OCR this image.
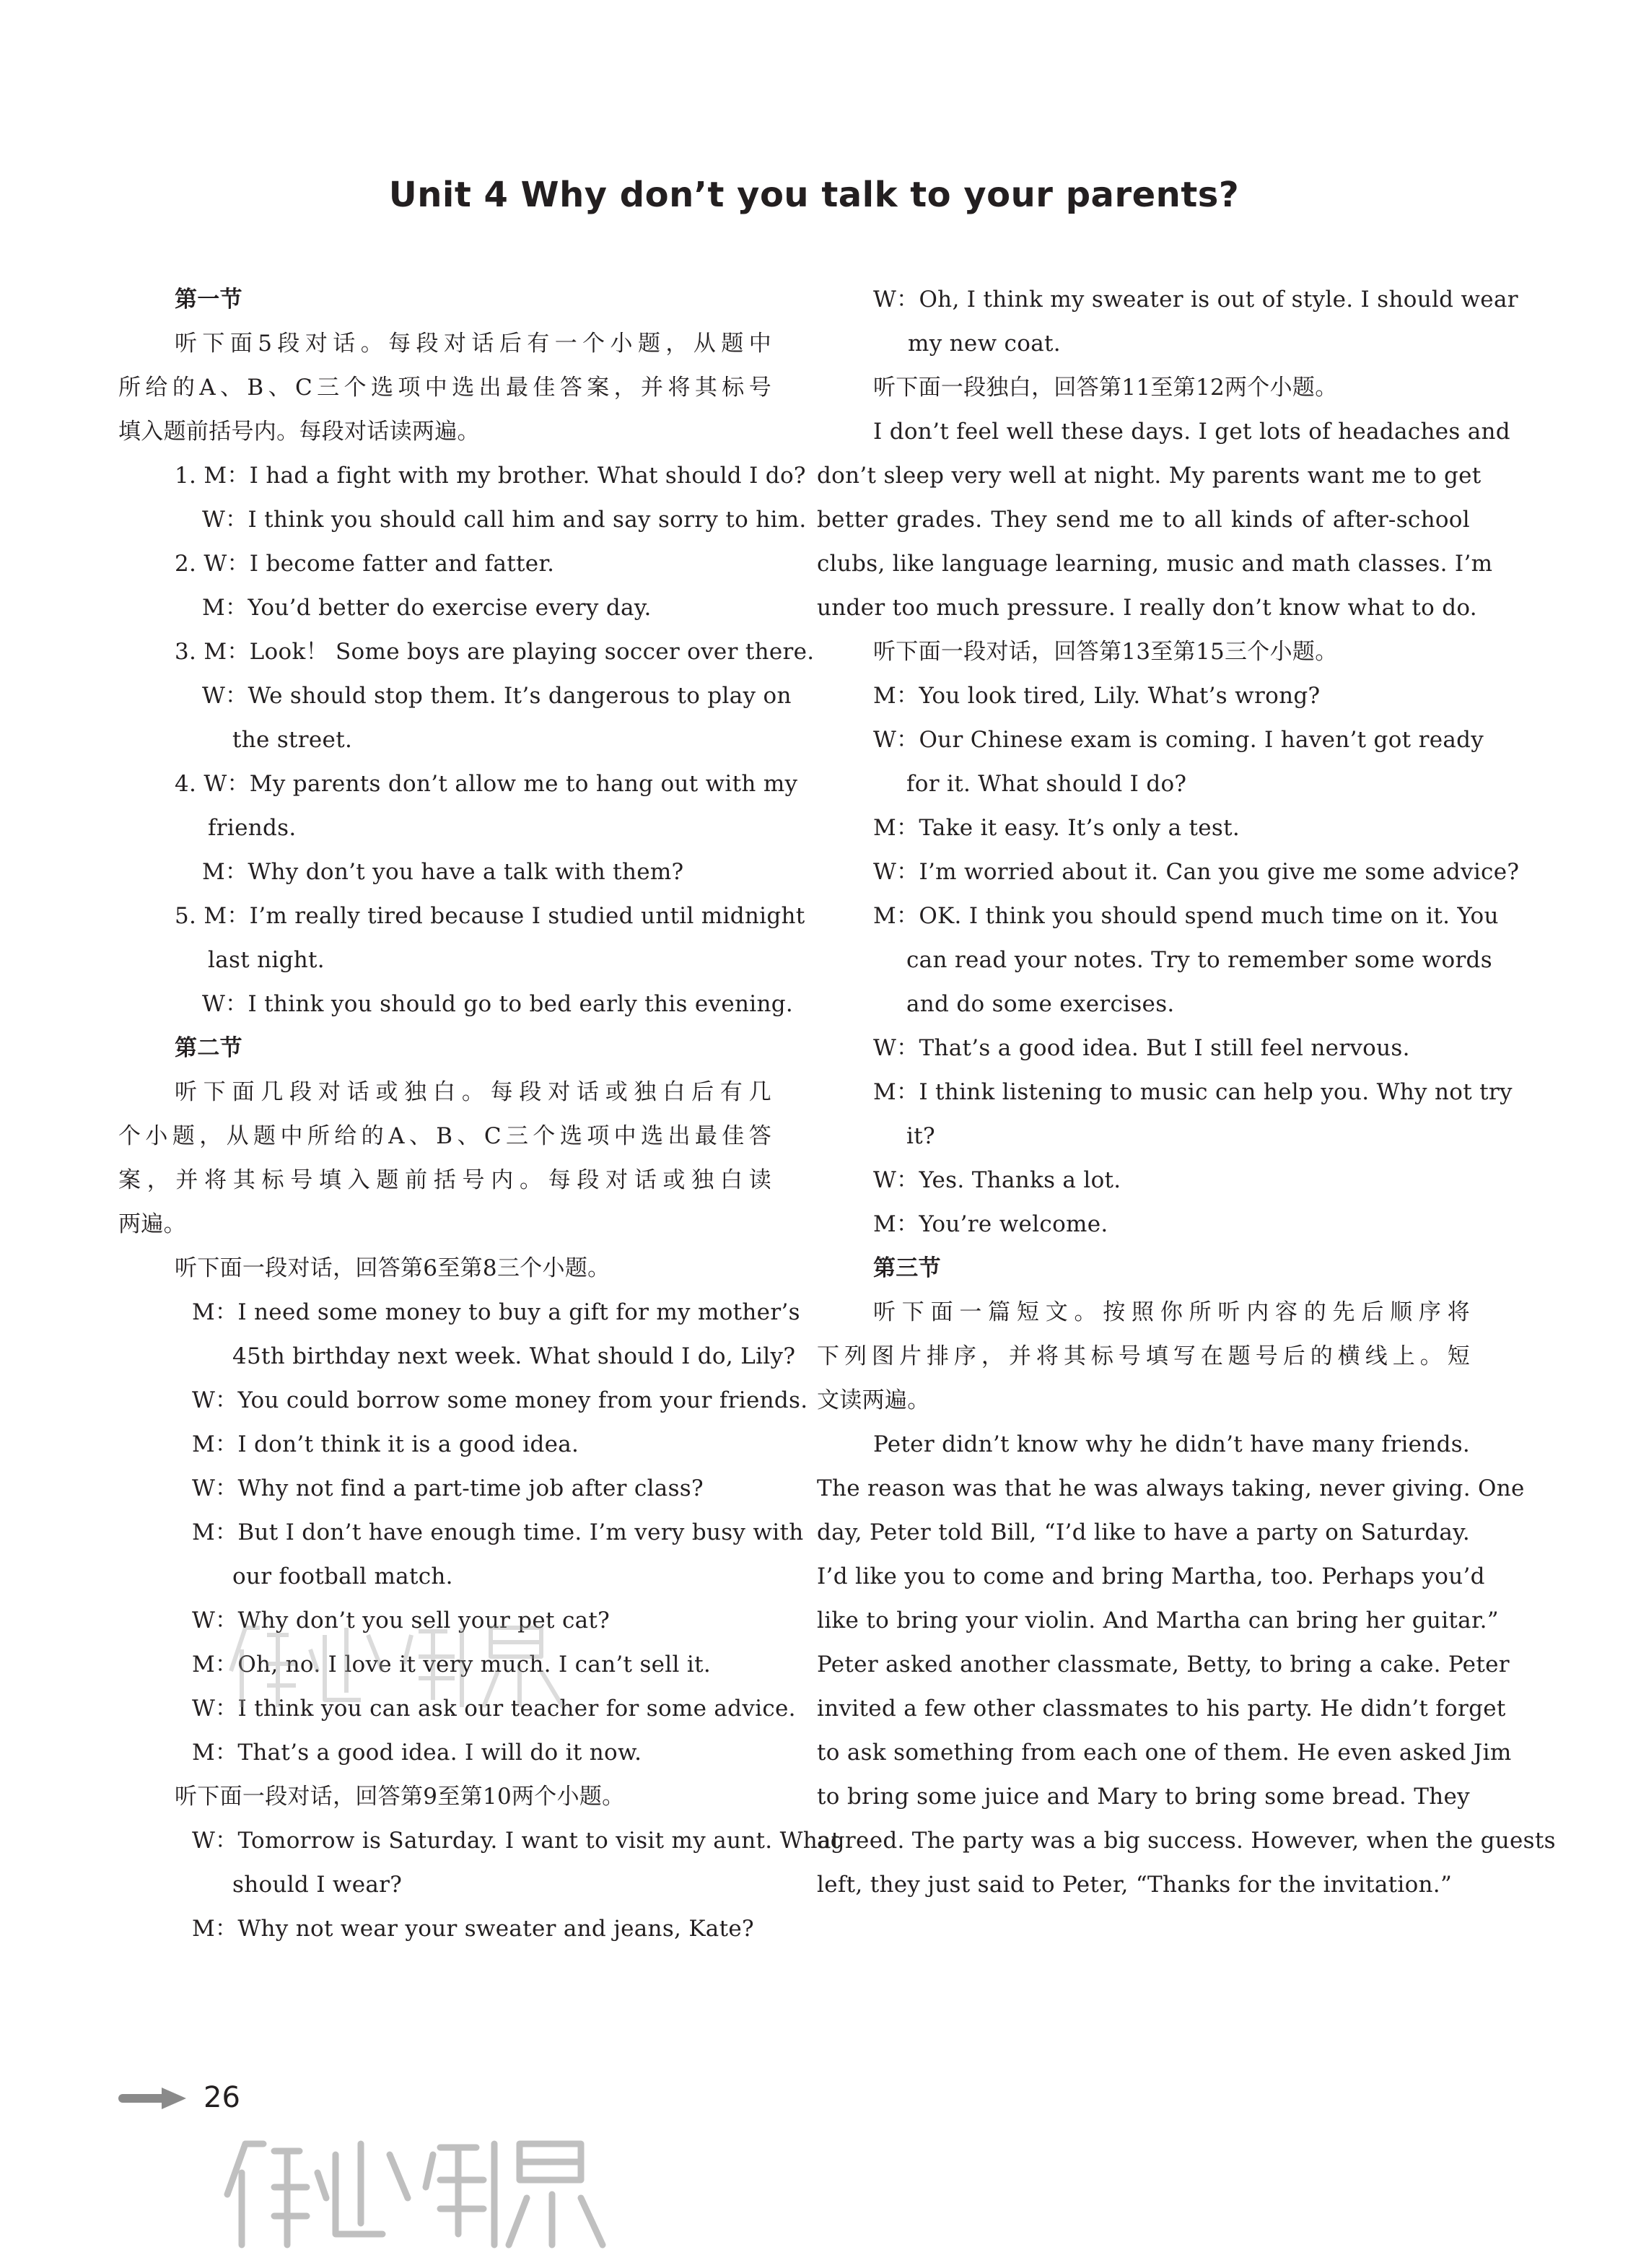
Unit 4 Why don’t you talk to your parents?
第一节
听下面5段对话。每段对话后有一个小题，从题中
所给的A、B、C三个选项中选出最佳答案，并将其标号
填入题前括号内。每段对话读两遍。
1. M：I had a fight with my brother. What should I do?
W：I think you should call him and say sorry to him.
2. W：I become fatter and fatter.
M：You’d better do exercise every day.
3. M：Look！ Some boys are playing soccer over there.
W：We should stop them. It’s dangerous to play on
the street.
4. W：My parents don’t allow me to hang out with my
friends.
M：Why don’t you have a talk with them?
5. M：I’m really tired because I studied until midnight
last night.
W：I think you should go to bed early this evening.
第二节
听下面几段对话或独白。每段对话或独白后有几
个小题，从题中所给的A、B、C三个选项中选出最佳答
案，并将其标号填入题前括号内。每段对话或独白读
两遍。
听下面一段对话，回答第6至第8三个小题。
M：I need some money to buy a gift for my mother’s
45th birthday next week. What should I do, Lily?
W：You could borrow some money from your friends.
M：I don’t think it is a good idea.
W：Why not find a part-time job after class?
M：But I don’t have enough time. I’m very busy with
our football match.
W：Why don’t you sell your pet cat?
M：Oh, no. I love it very much. I can’t sell it.
W：I think you can ask our teacher for some advice.
M：That’s a good idea. I will do it now.
听下面一段对话，回答第9至第10两个小题。
W：Tomorrow is Saturday. I want to visit my aunt. What
should I wear?
M：Why not wear your sweater and jeans, Kate?
W：Oh, I think my sweater is out of style. I should wear
my new coat.
听下面一段独白，回答第11至第12两个小题。
I don’t feel well these days. I get lots of headaches and
don’t sleep very well at night. My parents want me to get
better grades. They send me to all kinds of after-school
clubs, like language learning, music and math classes. I’m
under too much pressure. I really don’t know what to do.
听下面一段对话，回答第13至第15三个小题。
M：You look tired, Lily. What’s wrong?
W：Our Chinese exam is coming. I haven’t got ready
for it. What should I do?
M：Take it easy. It’s only a test.
W：I’m worried about it. Can you give me some advice?
M：OK. I think you should spend much time on it. You
can read your notes. Try to remember some words
and do some exercises.
W：That’s a good idea. But I still feel nervous.
M：I think listening to music can help you. Why not try
it?
W：Yes. Thanks a lot.
M：You’re welcome.
第三节
听下面一篇短文。按照你所听内容的先后顺序将
下列图片排序，并将其标号填写在题号后的横线上。短
文读两遍。
Peter didn’t know why he didn’t have many friends.
The reason was that he was always taking, never giving. One
day, Peter told Bill, “I’d like to have a party on Saturday.
I’d like you to come and bring Martha, too. Perhaps you’d
like to bring your violin. And Martha can bring her guitar.”
Peter asked another classmate, Betty, to bring a cake. Peter
invited a few other classmates to his party. He didn’t forget
to ask something from each one of them. He even asked Jim
to bring some juice and Mary to bring some bread. They
agreed. The party was a big success. However, when the guests
left, they just said to Peter, “Thanks for the invitation.”
26
